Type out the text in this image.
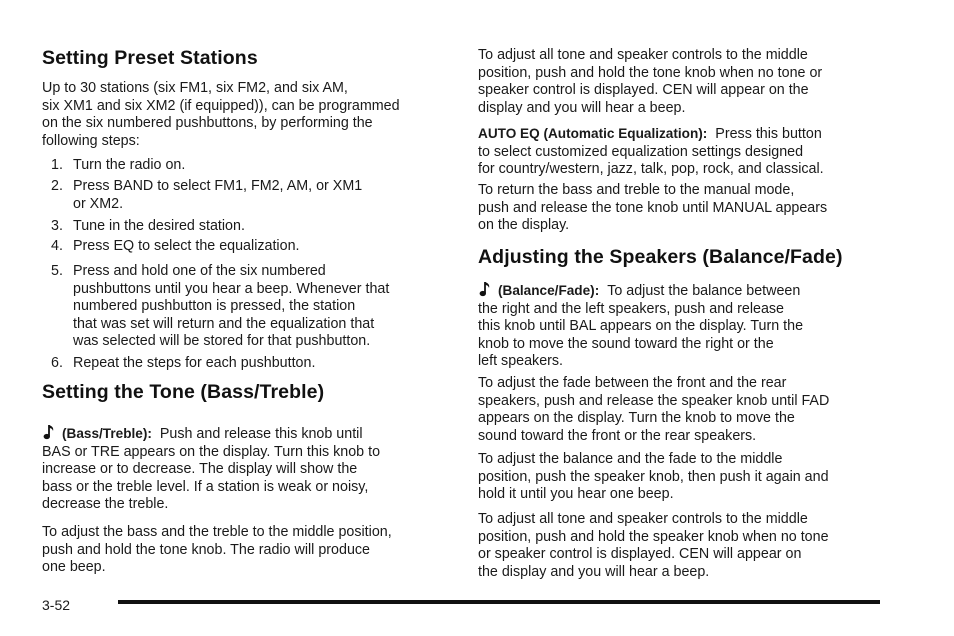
Setting Preset Stations
Up to 30 stations (six FM1, six FM2, and six AM,
six XM1 and six XM2 (if equipped)), can be programmed
on the six numbered pushbuttons, by performing the
following steps:
1. Turn the radio on.
2. Press BAND to select FM1, FM2, AM, or XM1
or XM2.
3. Tune in the desired station.
4. Press EQ to select the equalization.
5. Press and hold one of the six numbered
pushbuttons until you hear a beep. Whenever that
numbered pushbutton is pressed, the station
that was set will return and the equalization that
was selected will be stored for that pushbutton.
6. Repeat the steps for each pushbutton.
Setting the Tone (Bass/Treble)
(Bass/Treble): Push and release this knob until
BAS or TRE appears on the display. Turn this knob to
increase or to decrease. The display will show the
bass or the treble level. If a station is weak or noisy,
decrease the treble.
To adjust the bass and the treble to the middle position,
push and hold the tone knob. The radio will produce
one beep.
To adjust all tone and speaker controls to the middle
position, push and hold the tone knob when no tone or
speaker control is displayed. CEN will appear on the
display and you will hear a beep.
AUTO EQ (Automatic Equalization): Press this button
to select customized equalization settings designed
for country/western, jazz, talk, pop, rock, and classical.
To return the bass and treble to the manual mode,
push and release the tone knob until MANUAL appears
on the display.
Adjusting the Speakers (Balance/Fade)
(Balance/Fade): To adjust the balance between
the right and the left speakers, push and release
this knob until BAL appears on the display. Turn the
knob to move the sound toward the right or the
left speakers.
To adjust the fade between the front and the rear
speakers, push and release the speaker knob until FAD
appears on the display. Turn the knob to move the
sound toward the front or the rear speakers.
To adjust the balance and the fade to the middle
position, push the speaker knob, then push it again and
hold it until you hear one beep.
To adjust all tone and speaker controls to the middle
position, push and hold the speaker knob when no tone
or speaker control is displayed. CEN will appear on
the display and you will hear a beep.
3-52
